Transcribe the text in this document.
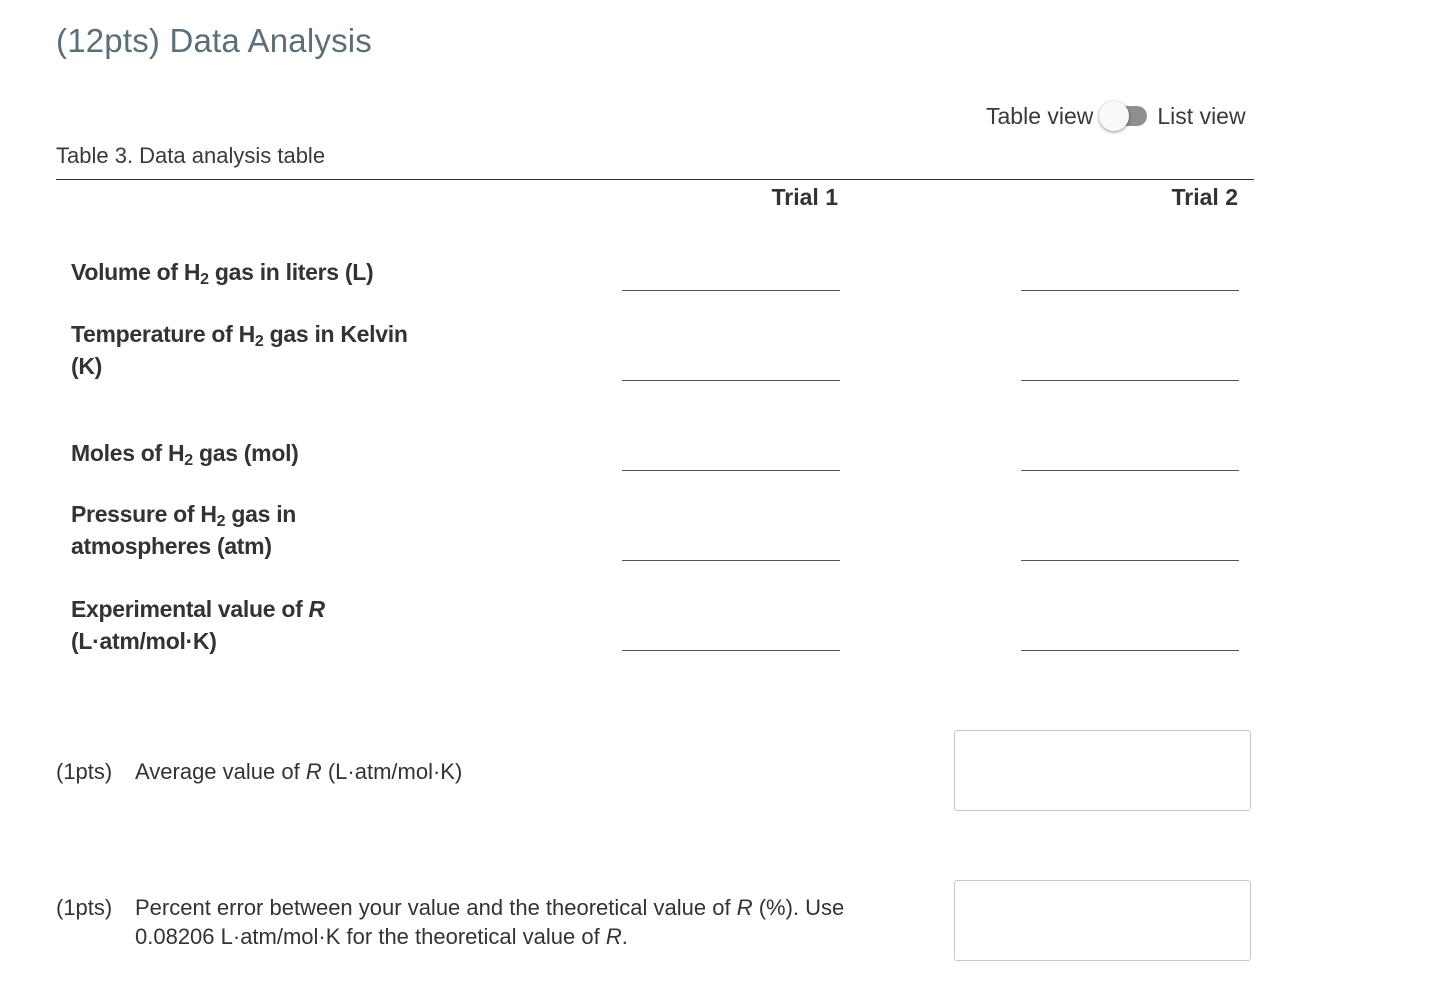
(12pts) Data Analysis
Table view	List view
Table 3. Data analysis table
Trial 1	Trial 2
Volume of $H_2$ gas in liters (L)
Temperature of $H_2$ gas in Kelvin (K)
Moles of $H_2$ gas (mol)
Pressure of $H_2$ gas in atmospheres (atm)
Experimental value of R (L·atm/mol·K)
(1pts)	Average value of R (L·atm/mol·K)
(1pts)	Percent error between your value and the theoretical value of R (%). Use 0.08206 L·atm/mol·K for the theoretical value of R.
